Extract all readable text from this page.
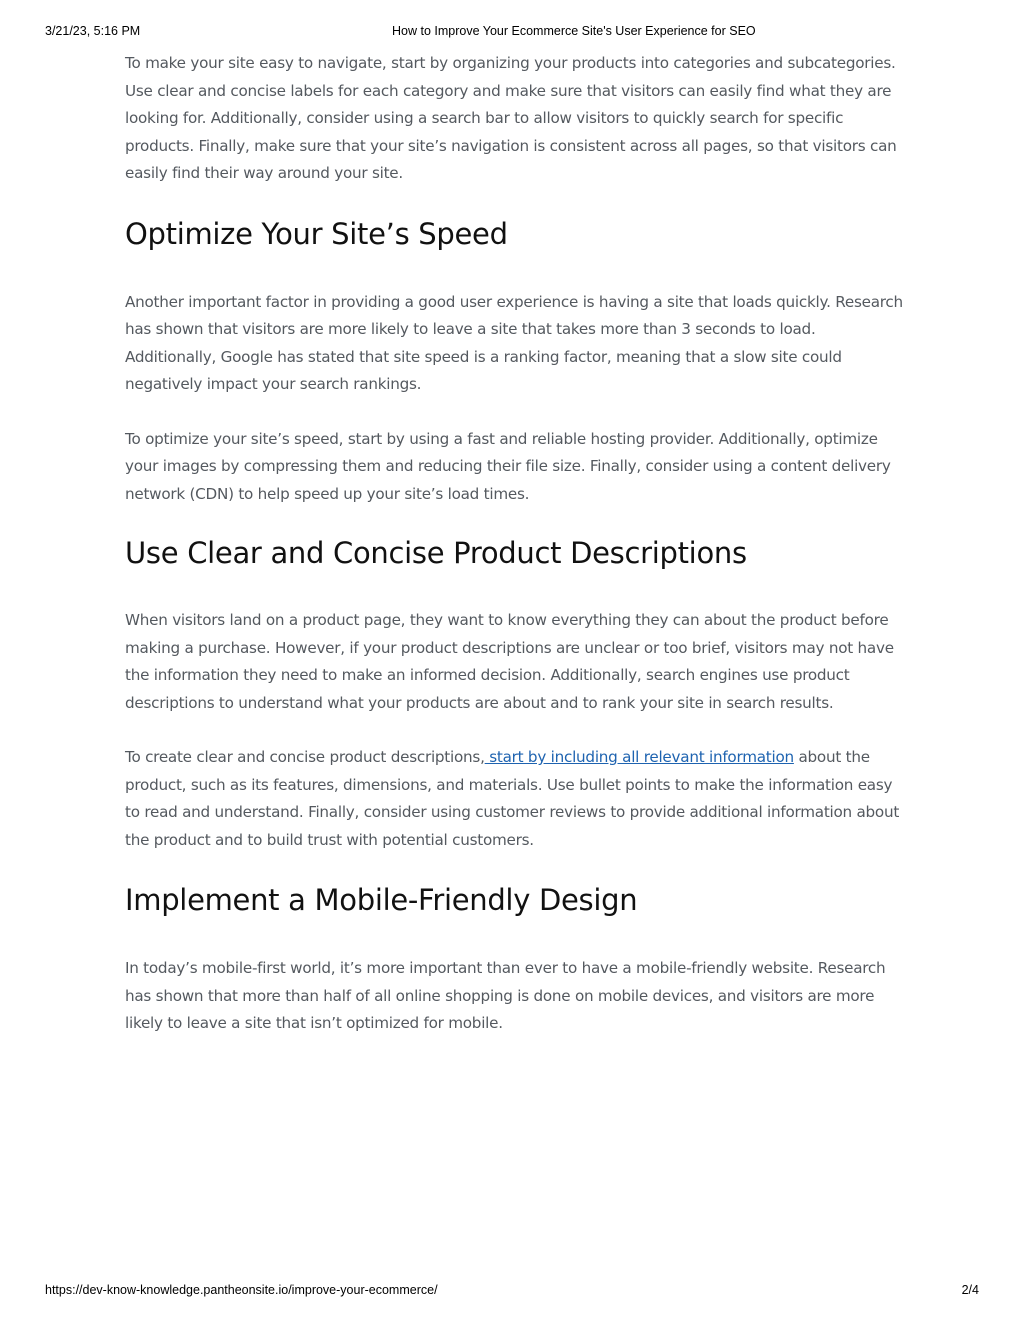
3/21/23, 5:16 PM	How to Improve Your Ecommerce Site's User Experience for SEO

To make your site easy to navigate, start by organizing your products into categories and subcategories. Use clear and concise labels for each category and make sure that visitors can easily find what they are looking for. Additionally, consider using a search bar to allow visitors to quickly search for specific products. Finally, make sure that your site’s navigation is consistent across all pages, so that visitors can easily find their way around your site.

Optimize Your Site’s Speed

Another important factor in providing a good user experience is having a site that loads quickly. Research has shown that visitors are more likely to leave a site that takes more than 3 seconds to load. Additionally, Google has stated that site speed is a ranking factor, meaning that a slow site could negatively impact your search rankings.

To optimize your site’s speed, start by using a fast and reliable hosting provider. Additionally, optimize your images by compressing them and reducing their file size. Finally, consider using a content delivery network (CDN) to help speed up your site’s load times.

Use Clear and Concise Product Descriptions

When visitors land on a product page, they want to know everything they can about the product before making a purchase. However, if your product descriptions are unclear or too brief, visitors may not have the information they need to make an informed decision. Additionally, search engines use product descriptions to understand what your products are about and to rank your site in search results.

To create clear and concise product descriptions, start by including all relevant information about the product, such as its features, dimensions, and materials. Use bullet points to make the information easy to read and understand. Finally, consider using customer reviews to provide additional information about the product and to build trust with potential customers.

Implement a Mobile-Friendly Design

In today’s mobile-first world, it’s more important than ever to have a mobile-friendly website. Research has shown that more than half of all online shopping is done on mobile devices, and visitors are more likely to leave a site that isn’t optimized for mobile.

https://dev-know-knowledge.pantheonsite.io/improve-your-ecommerce/	2/4
